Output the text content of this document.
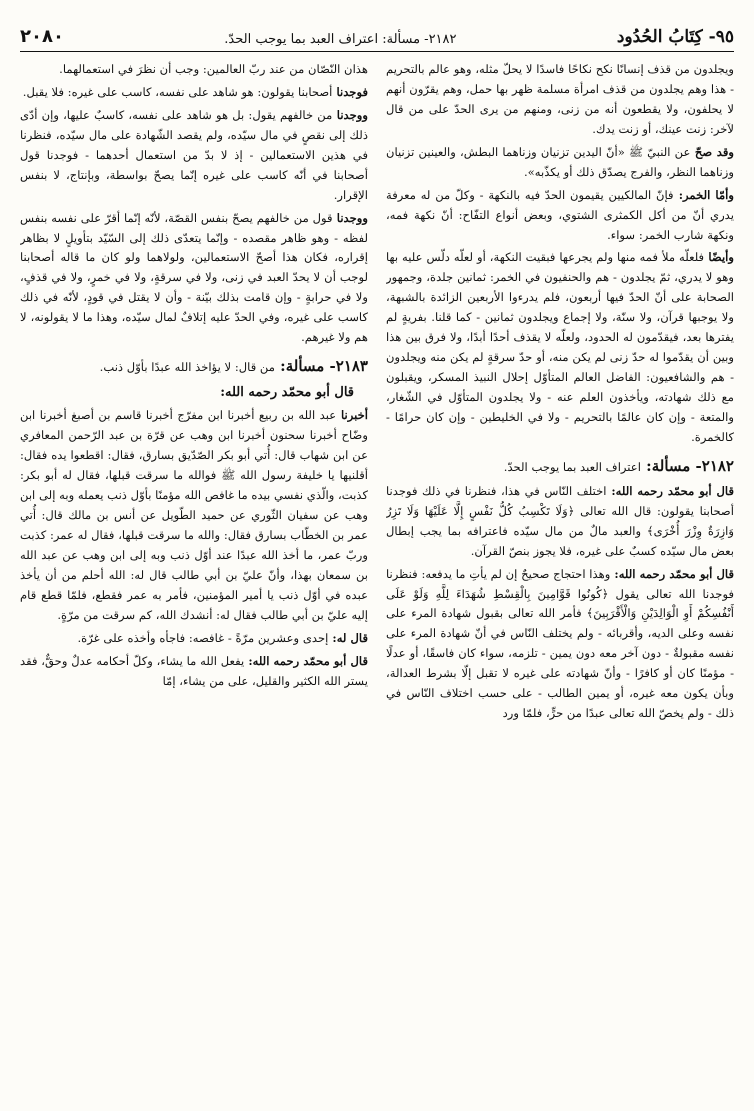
٩٥- كِتَابُ الحُدُود
٢١٨٢- مسألة: اعتراف العبد بما يوجب الحدّ.
٢٠٨٠

ويجلدون من قذف إنسانًا نكح نكاحًا فاسدًا لا يحلّ مثله، وهو عالم بالتحريم - هذا وهم يجلدون من قذف امرأة مسلمة ظهر بها حمل، وهم يقرّون أنهم لا يحلفون، ولا يقطعون أنه من زنى، ومنهم من يرى الحدّ على من قال لآخر: زنت عينك، أو زنت يدك.

وقد صحّ عن النبيّ ﷺ «أنّ اليدين تزنيان وزناهما البطش، والعينين تزنيان وزناهما النظر، والفرج يصدّق ذلك أو يكذّبه».

وأمّا الخمر: فإنّ المالكيين يقيمون الحدّ فيه بالنكهة - وكلّ من له معرفة يدري أنّ من أكل الكمثرى الشتوي، وبعض أنواع التفّاح: أنّ نكهة فمه، ونكهة شارب الخمر: سواء.

وأيضًا فلعلّه ملأ فمه منها ولم يجرعها فبقيت النكهة، أو لعلّه دلّس عليه بها وهو لا يدري، ثمّ يجلدون - هم والحنفيون في الخمر: ثمانين جلدة، وجمهور الصحابة على أنّ الحدّ فيها أربعون، فلم يدرءوا الأربعين الزائدة بالشبهة، ولا يوجبها قرآن، ولا سنّة، ولا إجماع ويجلدون ثمانين - كما قلنا. بفريةٍ لم يفترها بعد، فيقدّمون له الحدود، ولعلّه لا يقذف أحدًا أبدًا، ولا فرق بين هذا وبين أن يقدّموا له حدّ زنى لم يكن منه، أو حدّ سرقةٍ لم يكن منه ويجلدون - هم والشافعيون: الفاضل العالم المتأوّل إحلال النبيذ المسكر، ويقبلون مع ذلك شهادته، ويأخذون العلم عنه - ولا يجلدون المتأوّل في الشّغار، والمتعة - وإن كان عالمًا بالتحريم - ولا في الخليطين - وإن كان حرامًا - كالخمرة.

٢١٨٢- مسألة: اعتراف العبد بما يوجب الحدّ.

قال أبو محمّد رحمه الله: اختلف النّاس في هذا، فنظرنا في ذلك فوجدنا أصحابنا يقولون: قال الله تعالى ﴿وَلَا تَكْسِبُ كُلُّ نَفْسٍ إِلَّا عَلَيْهَا وَلَا تَزِرُ وَازِرَةٌ وِزْرَ أُخْرَى﴾ والعبد مالٌ من مال سيّده فاعترافه بما يجب إبطال بعض مال سيّده كسبٌ على غيره، فلا يجوز بنصّ القرآن.

قال أبو محمّد رحمه الله: وهذا احتجاج صحيحٌ إن لم يأتِ ما يدفعه: فنظرنا فوجدنا الله تعالى يقول ﴿كُونُوا قَوَّامِينَ بِالْقِسْطِ شُهَدَاءَ لِلَّهِ وَلَوْ عَلَى أَنْفُسِكُمْ أَوِ الْوَالِدَيْنِ وَالْأَقْرَبِينَ﴾ فأمر الله تعالى بقبول شهادة المرء على نفسه وعلى الديه، وأقربائه - ولم يختلف النّاس في أنّ شهادة المرء على نفسه مقبولةٌ - دون آخر معه دون يمين - تلزمه، سواء كان فاسقًا، أو عدلًا - مؤمنًا كان أو كافرًا - وأنّ شهادته على غيره لا تقبل إلّا بشرط العدالة، وبأن يكون معه غيره، أو يمين الطالب - على حسب اختلاف النّاس في ذلك - ولم يخصّ الله تعالى عبدًا من حرٍّ، فلمّا ورد

هذان النّصّان من عند ربّ العالمين: وجب أن نظرَ في استعمالهما.

فوجدنا أصحابنا يقولون: هو شاهد على نفسه، كاسب على غيره: فلا يقبل.

ووجدنا من خالفهم يقول: بل هو شاهد على نفسه، كاسبٌ عليها، وإن أدّى ذلك إلى نقصٍ في مال سيّده، ولم يقصد الشّهادة على مال سيّده، فنظرنا في هذين الاستعمالين - إذ لا بدّ من استعمال أحدهما - فوجدنا قول أصحابنا في أنّه كاسب على غيره إنّما يصحّ بواسطة، وبإنتاج، لا بنفس الإقرار.

ووجدنا قول من خالفهم يصحّ بنفس القصّة، لأنّه إنّما أقرّ على نفسه بنفس لفظه - وهو ظاهر مقصده - وإنّما يتعدّى ذلك إلى السّيّد بتأويلٍ لا بظاهر إقراره، فكان هذا أصحّ الاستعمالين، ولولاهما ولو كان ما قاله أصحابنا لوجب أن لا يحدّ العبد في زنى، ولا في سرقةٍ، ولا في خمرٍ، ولا في قذفٍ، ولا في حرابةٍ - وإن قامت بذلك بيّنة - وأن لا يقتل في قودٍ، لأنّه في ذلك كاسب على غيره، وفي الحدّ عليه إتلافٌ لمال سيّده، وهذا ما لا يقولونه، لا هم ولا غيرهم.

٢١٨٣- مسألة: من قال: لا يؤاخذ الله عبدًا بأوّل ذنب.
قال أبو محمّد رحمه الله:

أخبرنا عبد الله بن ربيع أخبرنا ابن مفرّج أخبرنا قاسم بن أصبغ أخبرنا ابن وضّاح أخبرنا سحنون أخبرنا ابن وهب عن قرّة بن عبد الرّحمن المعافري عن ابن شهاب قال: أُتي أبو بكر الصّدّيق بسارق، فقال: اقطعوا يده فقال: أقلنيها يا خليفة رسول الله ﷺ فوالله ما سرقت قبلها، فقال له أبو بكر: كذبت، والّذي نفسي بيده ما غافص الله مؤمنًا بأوّل ذنب يعمله وبه إلى ابن وهب عن سفيان الثّوري عن حميد الطّويل عن أنس بن مالك قال: أُتي عمر بن الخطّاب بسارق فقال: والله ما سرقت قبلها، فقال له عمر: كذبت وربّ عمر، ما أخذ الله عبدًا عند أوّل ذنب وبه إلى ابن وهب عن عبد الله بن سمعان بهذا، وأنّ عليّ بن أبي طالب قال له: الله أحلم من أن يأخذ عبده في أوّل ذنب يا أمير المؤمنين، فأمر به عمر فقطع، فلمّا قطع قام إليه عليّ بن أبي طالب فقال له: أنشدك الله، كم سرقت من مرّةٍ.

قال له: إحدى وعشرين مرّةً - غافصه: فاجأه وأخذه على غرّة.

قال أبو محمّد رحمه الله: يفعل الله ما يشاء، وكلّ أحكامه عدلٌ وحقٌّ، فقد يستر الله الكثير والقليل، على من يشاء، إمّا
